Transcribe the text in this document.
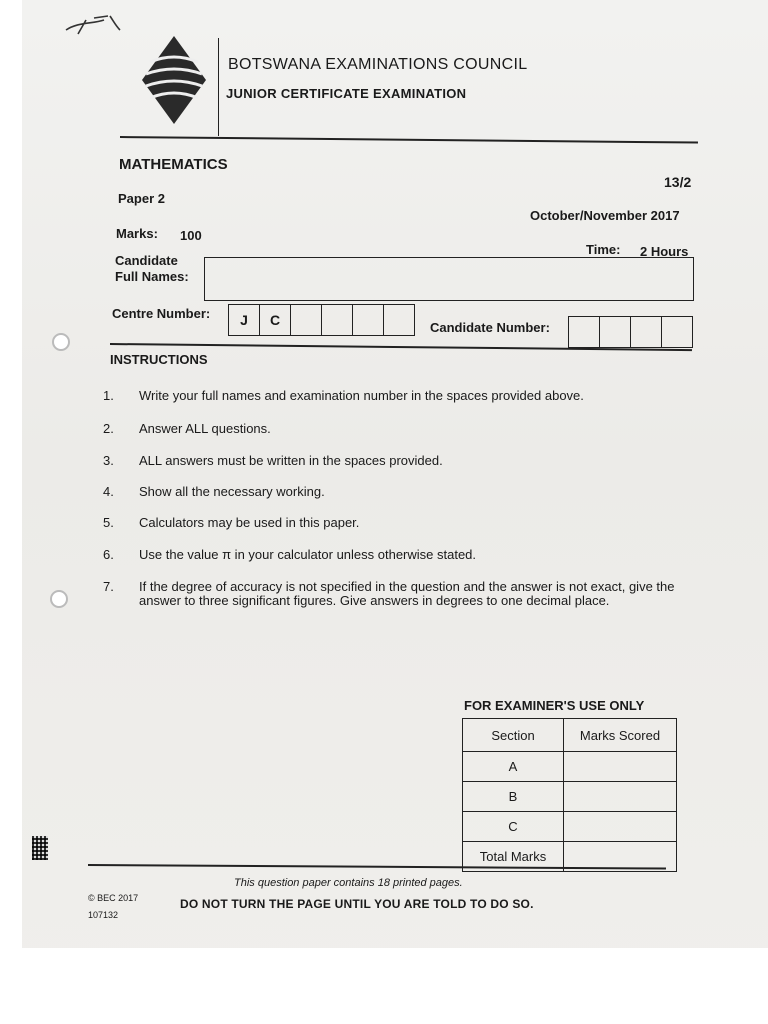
BOTSWANA EXAMINATIONS COUNCIL
JUNIOR CERTIFICATE EXAMINATION
MATHEMATICS
13/2
Paper 2
October/November 2017
Marks: 100
Time: 2 Hours
Candidate
Full Names:
Centre Number:	J	C	Candidate Number:
INSTRUCTIONS
1. Write your full names and examination number in the spaces provided above.
2. Answer ALL questions.
3. ALL answers must be written in the spaces provided.
4. Show all the necessary working.
5. Calculators may be used in this paper.
6. Use the value π in your calculator unless otherwise stated.
7. If the degree of accuracy is not specified in the question and the answer is not exact, give the answer to three significant figures. Give answers in degrees to one decimal place.
FOR EXAMINER'S USE ONLY
Section	Marks Scored
A	
B	
C	
Total Marks	
This question paper contains 18 printed pages.
© BEC 2017
107132
DO NOT TURN THE PAGE UNTIL YOU ARE TOLD TO DO SO.
